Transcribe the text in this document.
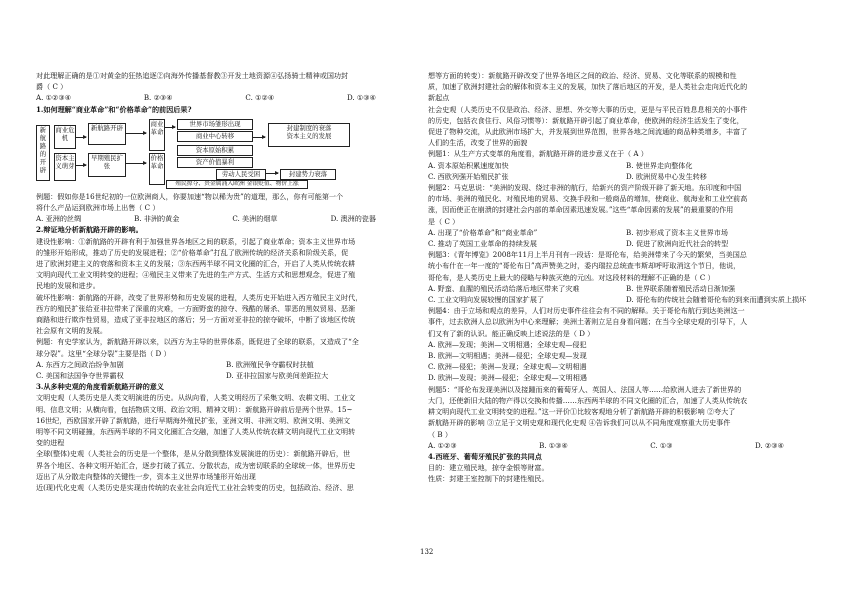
对此理解正确的是①对黄金的狂热追逐②向海外传播基督教③开发土地资源④弘扬骑士精神或国功封

爵（ C ）

A. ①②③④	B. ②③④	C. ①②④	D. ①③④

1.如何理解“商业革命”和“价格革命”的前因后果?

新航路的开辟
商业危机
资本主义萌芽
新航路开辟
早期殖民扩张
商业革命
价格革命
世界市场雏形出现
商业中心转移
资本原始积累
资产价值暴利
封建制度的衰落
资本主义的发展
劳动人民受困	封建势力衰落
殖民掠夺、贵金属涌入欧洲 金银贬值、物价上涨

例题：假如你是16世纪初的一位欧洲商人，你要加速“物以稀为贵”的道理，那么，你有可能第一个

将什么产品运到欧洲市场上出售（ C ）

A. 亚洲的丝绸	B. 非洲的黄金	C. 美洲的烟草	D. 澳洲的瓷器

2.辩证地分析新航路开辟的影响。

建设性影响：①新航路的开辟有利于加强世界各地区之间的联系，引起了商业革命；资本主义世界市场

的雏形开始形成，推动了历史的发展进程；②“价格革命”打乱了欧洲传统的经济关系和阶级关系，促

进了欧洲封建主义的衰落和资本主义的发展；③东西两半球不同文化圈的汇合，开启了人类从传统农耕

文明向现代工业文明转变的进程；④殖民主义带来了先进的生产方式、生活方式和思想观念，促进了殖

民地的发展和进步。

破坏性影响：新航路的开辟，改变了世界形势和历史发展的进程，人类历史开始进入西方殖民主义时代，

西方的殖民扩张给亚非拉带来了深重的灾难，一方面野蛮的掠夺、残酷的屠杀、罪恶的黑奴贸易、恶渐

商路和进行欺诈性贸易，造成了亚非拉地区的落后；另一方面对亚非拉的掠夺破坏，中断了该地区传统

社会原有文明的发展。

例题：有史学家认为，新航路开辟以来，以西方为主导的世界体系，既促进了全球的联系，又造成了“全

球分裂”。这里“全球分裂”主要是指（ D ）

A. 东西方之间政治纷争加剧	B. 欧洲殖民争夺霸权时扶植
C. 美国和法国争夺世界霸权	D. 亚非拉国家与欧美间差距拉大

3.从多种史观的角度看新航路开辟的意义

文明史观（人类历史是人类文明演进的历史。从纵向看，人类文明经历了采集文明、农耕文明、工业文

明、信息文明；从横向看，包括物质文明、政治文明、精神文明）：新航路开辟前后是两个世界。15~

16世纪，西欧国家开辟了新航路，进行早期海外殖民扩张，亚洲文明、非洲文明、欧洲文明、美洲文

明等不同文明碰撞，东西两半球的不同文化圈汇合交融，加速了人类从传统农耕文明向现代工业文明转

变的进程

全球(整体)史观（人类社会的历史是一个整体，是从分散到整体发展演进的历史）：新航路开辟后，世

界各个地区、各种文明开始汇合，逐步打破了孤立、分散状态，成为密切联系的全球统一体，世界历史

迈出了从分散走向整体的关键性一步，资本主义世界市场雏形开始出现

近(现)代化史观（人类历史是实现由传统的农业社会向近代工业社会转变的历史，包括政治、经济、思

想等方面的转变）：新航路开辟改变了世界各地区之间的政治、经济、贸易、文化等联系的规模和性

质，加速了欧洲封建社会的解体和资本主义的发展，加快了落后地区的开发，是人类社会走向近代化的

新起点

社会史观（人类历史不仅是政治、经济、思想、外交等大事的历史，更是与平民百姓息息相关的小事件

的历史，包括衣食住行、风俗习惯等）：新航路开辟引起了商业革命，使欧洲的经济生活发生了变化，

促进了物种交流，从此欧洲市场扩大，并发展到世界范围，世界各地之间流通的商品种类增多，丰富了

人们的生活，改变了世界的面貌

例题1：从生产方式变革的角度看，新航路开辟的进步意义在于（ A ）

A. 资本原始积累速度加快	B. 使世界走向整体化
C. 西欧列强开始殖民扩张	D. 欧洲贸易中心发生转移

例题2：马克思说：“美洲的发现、绕过非洲的航行，给新兴的资产阶级开辟了新天地。东印度和中国

的市场、美洲的殖民化、对殖民地的贸易、交换手段和一般商品的增加，使商业、航海业和工业空前高

涨，因而使正在崩溃的封建社会内部的革命因素迅速发展。”这些“革命因素的发展”的最重要的作用

是（ C ）

A. 出现了“价格革命”和“商业革命”	B. 初步形成了资本主义世界市场
C. 推动了英国工业革命的持续发展	D. 促进了欧洲向近代社会的转型

例题3：《青年博览》2008年11月上半月刊有一段话：是哥伦布，给美洲带来了今天的繁荣，当美国总

统小布什在一年一度的“哥伦布日”高声赞美之时，委内瑞拉总统查韦斯却呼吁取消这个节日，他说，

哥伦布，是人类历史上最大的侵略与种族灭绝的元凶。对这段材料的理解不正确的是（ C ）

A. 野蛮、血腥的殖民活动给落后地区带来了灾难	B. 世界联系随着殖民活动日渐加强
C. 工业文明向发展较慢的国家扩展了	D. 哥伦布的传统社会随着哥伦布的到来而遭到实质上损坏

例题4：由于立场和观点的差异，人们对历史事件往往会有不同的解释。关于哥伦布航行到达美洲这一

事件，过去欧洲人总以欧洲为中心来理解；美洲土著则立足自身看问题；在当今全球史观的引导下，人

们又有了新的认识。能正确反映上述说法的是（ D ）

A. 欧洲—发现；美洲—文明相遇；全球史观—侵犯

B. 欧洲—文明相遇；美洲—侵犯；全球史观—发现

C. 欧洲—侵犯；美洲—发现；全球史观—文明相遇

D. 欧洲—发现；美洲—侵犯；全球史观—文明相遇

例题5：“哥伦布发现美洲以及接踵而来的葡萄牙人、英国人、法国人等……给欧洲人进去了新世界的

大门，还使新旧大陆的物产得以交换和传播……东西两半球的不同文化圈的汇合，加速了人类从传统农

耕文明向现代工业文明转变的进程。”这一评价①比较客观地分析了新航路开辟的积极影响 ②夸大了

新航路开辟的影响 ③立足于文明史观和现代化史观 ④告诉我们可以从不同角度观察重大历史事件

（ B ）

A. ①②③	B. ①③④	C. ①③	D. ②③④

4.西班牙、葡萄牙殖民扩张的共同点

目的：建立殖民地，掠夺金银等财富。

性质：封建王室控制下的封建性殖民。

132
